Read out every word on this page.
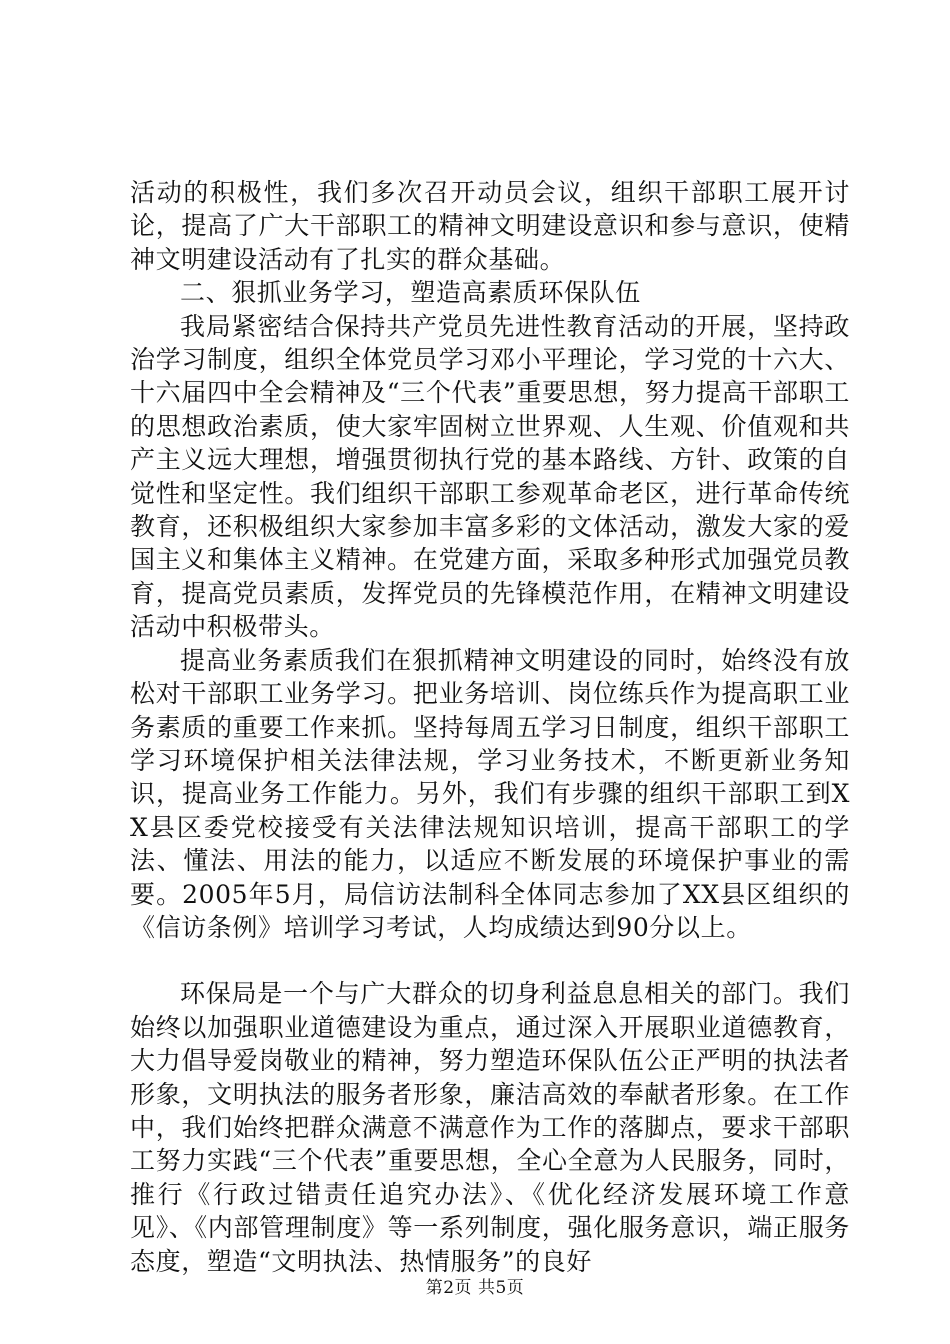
活动的积极性，我们多次召开动员会议，组织干部职工展开讨论，提高了广大干部职工的精神文明建设意识和参与意识，使精神文明建设活动有了扎实的群众基础。

二、狠抓业务学习，塑造高素质环保队伍

我局紧密结合保持共产党员先进性教育活动的开展，坚持政治学习制度，组织全体党员学习邓小平理论，学习党的十六大、十六届四中全会精神及“三个代表”重要思想，努力提高干部职工的思想政治素质，使大家牢固树立世界观、人生观、价值观和共产主义远大理想，增强贯彻执行党的基本路线、方针、政策的自觉性和坚定性。我们组织干部职工参观革命老区，进行革命传统教育，还积极组织大家参加丰富多彩的文体活动，激发大家的爱国主义和集体主义精神。在党建方面，采取多种形式加强党员教育，提高党员素质，发挥党员的先锋模范作用，在精神文明建设活动中积极带头。

提高业务素质我们在狠抓精神文明建设的同时，始终没有放松对干部职工业务学习。把业务培训、岗位练兵作为提高职工业务素质的重要工作来抓。坚持每周五学习日制度，组织干部职工学习环境保护相关法律法规，学习业务技术，不断更新业务知识，提高业务工作能力。另外，我们有步骤的组织干部职工到XX县区委党校接受有关法律法规知识培训，提高干部职工的学法、懂法、用法的能力，以适应不断发展的环境保护事业的需要。2005年5月，局信访法制科全体同志参加了XX县区组织的《信访条例》培训学习考试，人均成绩达到90分以上。

环保局是一个与广大群众的切身利益息息相关的部门。我们始终以加强职业道德建设为重点，通过深入开展职业道德教育，大力倡导爱岗敬业的精神，努力塑造环保队伍公正严明的执法者形象，文明执法的服务者形象，廉洁高效的奉献者形象。在工作中，我们始终把群众满意不满意作为工作的落脚点，要求干部职工努力实践“三个代表”重要思想，全心全意为人民服务，同时，推行《行政过错责任追究办法》、《优化经济发展环境工作意见》、《内部管理制度》等一系列制度，强化服务意识，端正服务态度，塑造“文明执法、热情服务”的良好

第2页 共5页
